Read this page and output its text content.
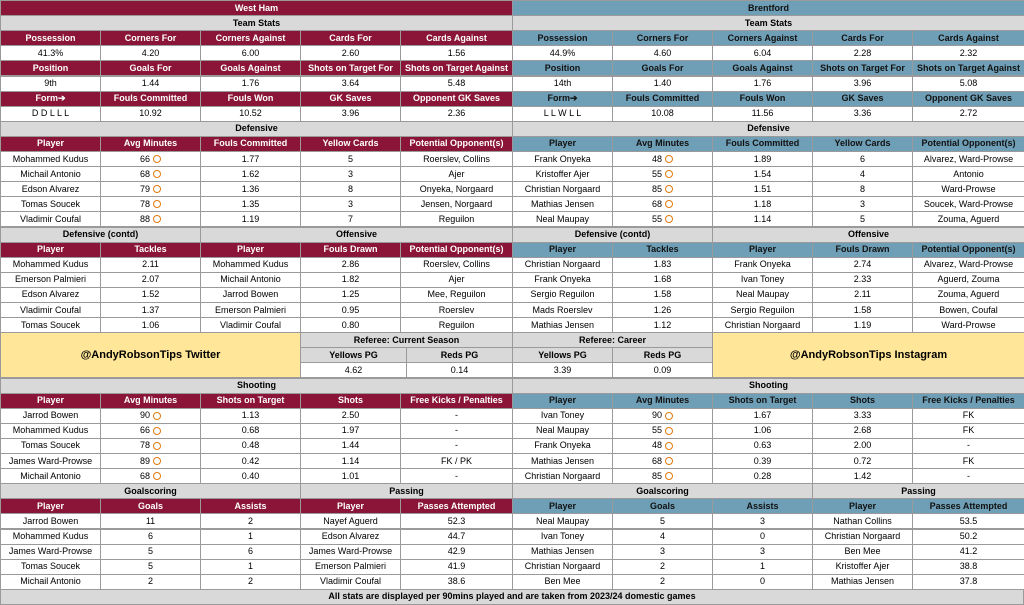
West Ham
Team Stats
Possession	Corners For	Corners Against	Cards For	Cards Against
41.3%	4.20	6.00	2.60	1.56
Position	Goals For	Goals Against	Shots on Target For	Shots on Target Against
9th	1.44	1.76	3.64	5.48
Form➔	Fouls Committed	Fouls Won	GK Saves	Opponent GK Saves
D D L L L	10.92	10.52	3.96	2.36
Defensive
Player	Avg Minutes	Fouls Committed	Yellow Cards	Potential Opponent(s)
Mohammed Kudus	66	1.77	5	Roerslev, Collins
Michail Antonio	68	1.62	3	Ajer
Edson Alvarez	79	1.36	8	Onyeka, Norgaard
Tomas Soucek	78	1.35	3	Jensen, Norgaard
Vladimir Coufal	88	1.19	7	Reguilon
Defensive (contd)
Player	Tackles
Mohammed Kudus	2.11
Emerson Palmieri	2.07
Edson Alvarez	1.52
Vladimir Coufal	1.37
Tomas Soucek	1.06
Offensive
Player	Fouls Drawn	Potential Opponent(s)
Mohammed Kudus	2.86	Roerslev, Collins
Michail Antonio	1.82	Ajer
Jarrod Bowen	1.25	Mee, Reguilon
Emerson Palmieri	0.95	Roerslev
Vladimir Coufal	0.80	Reguilon
Shooting
Player	Avg Minutes	Shots on Target	Shots	Free Kicks / Penalties
Jarrod Bowen	90	1.13	2.50	-
Mohammed Kudus	66	0.68	1.97	-
Tomas Soucek	78	0.48	1.44	-
James Ward-Prowse	89	0.42	1.14	FK / PK
Michail Antonio	68	0.40	1.01	-
Goalscoring
Player	Goals	Assists
Jarrod Bowen	11	2
Mohammed Kudus	6	1
James Ward-Prowse	5	6
Tomas Soucek	5	1
Michail Antonio	2	2
Passing
Player	Passes Attempted
Nayef Aguerd	52.3
Edson Alvarez	44.7
James Ward-Prowse	42.9
Emerson Palmieri	41.9
Vladimir Coufal	38.6
Brentford
Team Stats
Possession	Corners For	Corners Against	Cards For	Cards Against
44.9%	4.60	6.04	2.28	2.32
Position	Goals For	Goals Against	Shots on Target For	Shots on Target Against
14th	1.40	1.76	3.96	5.08
Form➔	Fouls Committed	Fouls Won	GK Saves	Opponent GK Saves
L L W L L	10.08	11.56	3.36	2.72
Defensive
Player	Avg Minutes	Fouls Committed	Yellow Cards	Potential Opponent(s)
Frank Onyeka	48	1.89	6	Alvarez, Ward-Prowse
Kristoffer Ajer	55	1.54	4	Antonio
Christian Norgaard	85	1.51	8	Ward-Prowse
Mathias Jensen	68	1.18	3	Soucek, Ward-Prowse
Neal Maupay	55	1.14	5	Zouma, Aguerd
Defensive (contd)
Player	Tackles
Christian Norgaard	1.83
Frank Onyeka	1.68
Sergio Reguilon	1.58
Mads Roerslev	1.26
Mathias Jensen	1.12
Offensive
Player	Fouls Drawn	Potential Opponent(s)
Frank Onyeka	2.74	Alvarez, Ward-Prowse
Ivan Toney	2.33	Aguerd, Zouma
Neal Maupay	2.11	Zouma, Aguerd
Sergio Reguilon	1.58	Bowen, Coufal
Christian Norgaard	1.19	Ward-Prowse
Shooting
Player	Avg Minutes	Shots on Target	Shots	Free Kicks / Penalties
Ivan Toney	90	1.67	3.33	FK
Neal Maupay	55	1.06	2.68	FK
Frank Onyeka	48	0.63	2.00	-
Mathias Jensen	68	0.39	0.72	FK
Christian Norgaard	85	0.28	1.42	-
Goalscoring
Player	Goals	Assists
Neal Maupay	5	3
Ivan Toney	4	0
Mathias Jensen	3	3
Christian Norgaard	2	1
Ben Mee	2	0
Passing
Player	Passes Attempted
Nathan Collins	53.5
Christian Norgaard	50.2
Ben Mee	41.2
Kristoffer Ajer	38.8
Mathias Jensen	37.8
@AndyRobsonTips Twitter	@AndyRobsonTips Instagram
Referee: Current Season	Referee: Career
Yellows PG	Reds PG	Yellows PG	Reds PG
4.62	0.14	3.39	0.09
All stats are displayed per 90mins played and are taken from 2023/24 domestic games
